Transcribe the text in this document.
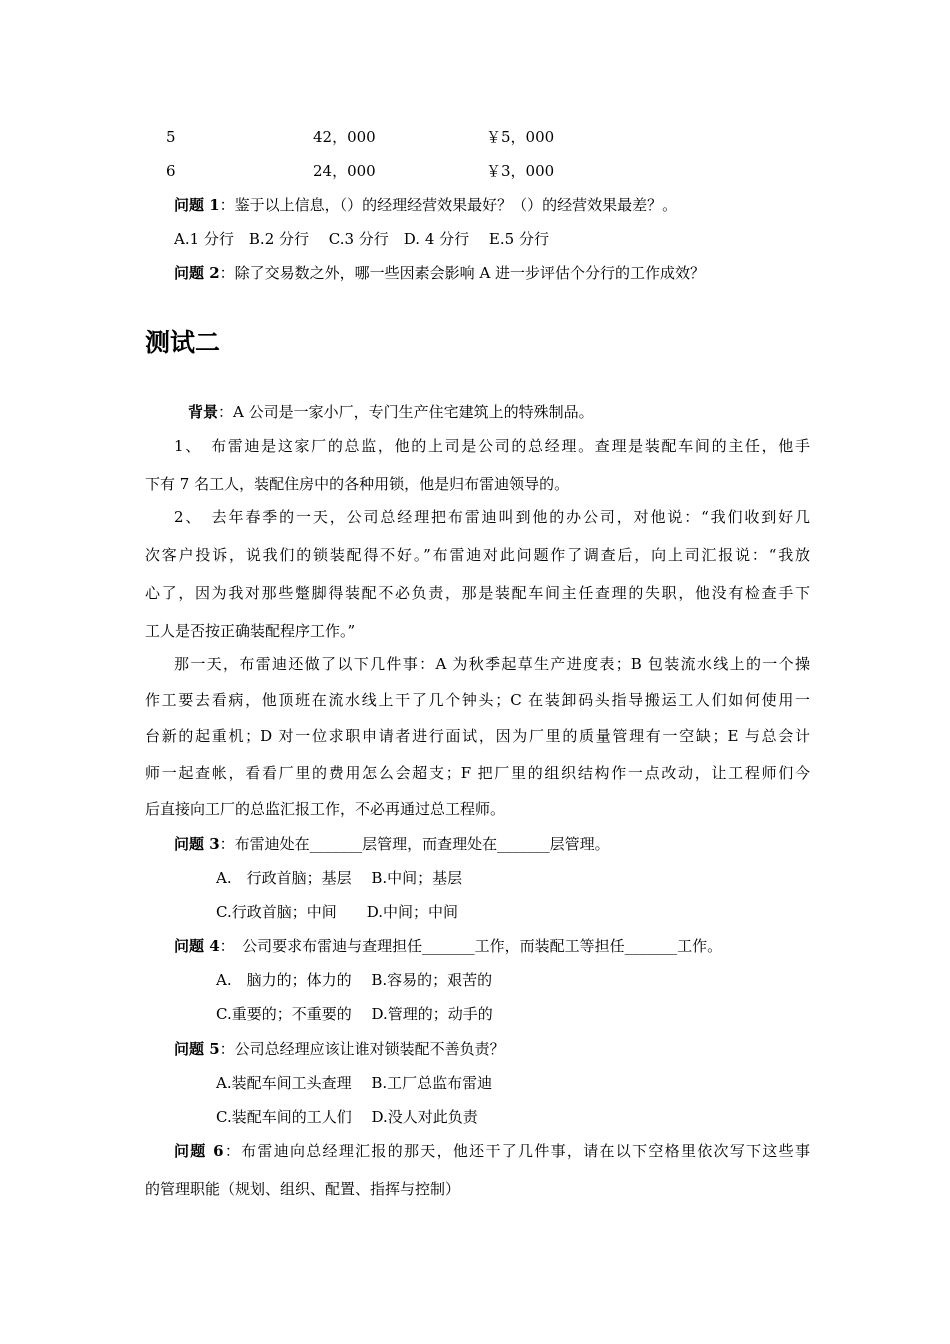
5	42，000	￥5，000
6	24，000	￥3，000
问题 1：鉴于以上信息，（）的经理经营效果最好？（）的经营效果最差？。
A.1 分行　B.2 分行　 C.3 分行　D. 4 分行　 E.5 分行
问题 2：除了交易数之外，哪一些因素会影响 A 进一步评估个分行的工作成效？
测试二
背景：A 公司是一家小厂，专门生产住宅建筑上的特殊制品。
1、　布雷迪是这家厂的总监，他的上司是公司的总经理。查理是装配车间的主任，他手
下有 7 名工人，装配住房中的各种用锁，他是归布雷迪领导的。
2、　去年春季的一天，公司总经理把布雷迪叫到他的办公司，对他说：“我们收到好几
次客户投诉，说我们的锁装配得不好。”布雷迪对此问题作了调查后，向上司汇报说：“我放
心了，因为我对那些蹩脚得装配不必负责，那是装配车间主任查理的失职，他没有检查手下
工人是否按正确装配程序工作。”
那一天，布雷迪还做了以下几件事：A 为秋季起草生产进度表；B 包装流水线上的一个操
作工要去看病，他顶班在流水线上干了几个钟头；C 在装卸码头指导搬运工人们如何使用一
台新的起重机；D 对一位求职申请者进行面试，因为厂里的质量管理有一空缺；E 与总会计
师一起查帐，看看厂里的费用怎么会超支；F 把厂里的组织结构作一点改动，让工程师们今
后直接向工厂的总监汇报工作，不必再通过总工程师。
问题 3：布雷迪处在_______层管理，而查理处在_______层管理。
A.　行政首脑；基层　 B.中间；基层
C.行政首脑；中间　　D.中间；中间
问题 4：　公司要求布雷迪与查理担任_______工作，而装配工等担任_______工作。
A.　脑力的；体力的　 B.容易的；艰苦的
C.重要的；不重要的　 D.管理的；动手的
问题 5：公司总经理应该让谁对锁装配不善负责？
A.装配车间工头查理　 B.工厂总监布雷迪
C.装配车间的工人们　 D.没人对此负责
问题 6：布雷迪向总经理汇报的那天，他还干了几件事，请在以下空格里依次写下这些事
的管理职能（规划、组织、配置、指挥与控制）
